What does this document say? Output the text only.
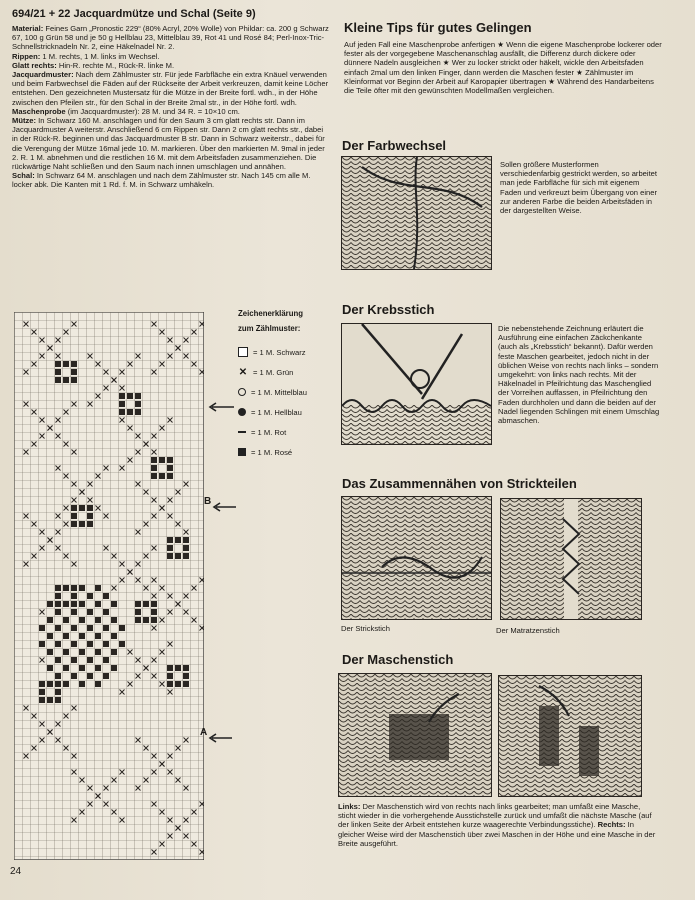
694/21 + 22 Jacquardmütze und Schal (Seite 9)

Material: Feines Garn „Pronostic 229“ (80% Acryl, 20% Wolle) von Phildar: ca. 200 g Schwarz 67, 100 g Grün 58 und je 50 g Hellblau 23, Mittelblau 39, Rot 41 und Rosé 84; Perl-Inox-Tric-Schnellstricknadeln Nr. 2, eine Häkelnadel Nr. 2.

Rippen: 1 M. rechts, 1 M. links im Wechsel.

Glatt rechts: Hin-R. rechte M., Rück-R. linke M.

Jacquardmuster: Nach dem Zählmuster str. Für jede Farbfläche ein extra Knäuel verwenden und beim Farbwechsel die Fäden auf der Rückseite der Arbeit verkreuzen, damit keine Löcher entstehen. Den gezeichneten Mustersatz für die Mütze in der Breite fortl. wdh., in der Höhe zwischen den Pfeilen str., für den Schal in der Breite 2mal str., in der Höhe fortl. wdh.

Maschenprobe (im Jacquardmuster): 28 M. und 34 R. = 10×10 cm.

Mütze: In Schwarz 160 M. anschlagen und für den Saum 3 cm glatt rechts str. Dann im Jacquardmuster A weiterstr. Anschließend 6 cm Rippen str. Dann 2 cm glatt rechts str., dabei in der Rück-R. beginnen und das Jacquardmuster B str. Dann in Schwarz weiterstr., dabei für die Verengung der Mütze 16mal jede 10. M. markieren. Über den markierten M. 9mal in jeder 2. R. 1 M. abnehmen und die restlichen 16 M. mit dem Arbeitsfaden zusammenziehen. Die rückwärtige Naht schließen und den Saum nach innen umschlagen und annähen.

Schal: In Schwarz 64 M. anschlagen und nach dem Zählmuster str. Nach 145 cm alle M. locker abk. Die Kanten mit 1 Rd. f. M. in Schwarz umhäkeln.

B
A
Zeichenerklärung
zum Zählmuster:
= 1 M. Schwarz
✕ = 1 M. Grün
= 1 M. Mittelblau
= 1 M. Hellblau
= 1 M. Rot
= 1 M. Rosé
24
Kleine Tips für gutes Gelingen
Auf jeden Fall eine Maschenprobe anfertigen ★ Wenn die eigene Maschenprobe lockerer oder fester als der vorgegebene Maschenanschlag ausfällt, die Differenz durch dickere oder dünnere Nadeln ausgleichen ★ Wer zu locker strickt oder häkelt, wickle den Arbeitsfaden einfach 2mal um den linken Finger, dann werden die Maschen fester ★ Zählmuster im Kleinformat vor Beginn der Arbeit auf Karopapier übertragen ★ Während des Handarbeitens die Teile öfter mit den gewünschten Modellmaßen vergleichen.
Der Farbwechsel
Sollen größere Musterformen verschiedenfarbig gestrickt werden, so arbeitet man jede Farbfläche für sich mit eigenem Faden und verkreuzt beim Übergang von einer zur anderen Farbe die beiden Arbeitsfäden in der dargestellten Weise.
Der Krebsstich
Die nebenstehende Zeichnung erläutert die Ausführung eine einfachen Zäckchenkante (auch als „Krebsstich“ bekannt). Dafür werden feste Maschen gearbeitet, jedoch nicht in der üblichen Weise von rechts nach links – sondern umgekehrt: von links nach rechts. Mit der Häkelnadel in Pfeilrichtung das Maschenglied der Vorreihen auffassen, in Pfeilrichtung den Faden durchholen und dann die beiden auf der Nadel liegenden Schlingen mit einem Umschlag abmaschen.
Das Zusammennähen von Strickteilen
Der Strickstich	Der Matratzenstich
Der Maschenstich
Links: Der Maschenstich wird von rechts nach links gearbeitet; man umfaßt eine Masche, sticht wieder in die vorhergehende Ausstichstelle zurück und umfaßt die nächste Masche (auf der linken Seite der Arbeit entstehen kurze waagerechte Verbindungsstiche). Rechts: In gleicher Weise wird der Maschenstich über zwei Maschen in der Höhe und eine Masche in der Breite ausgeführt.
